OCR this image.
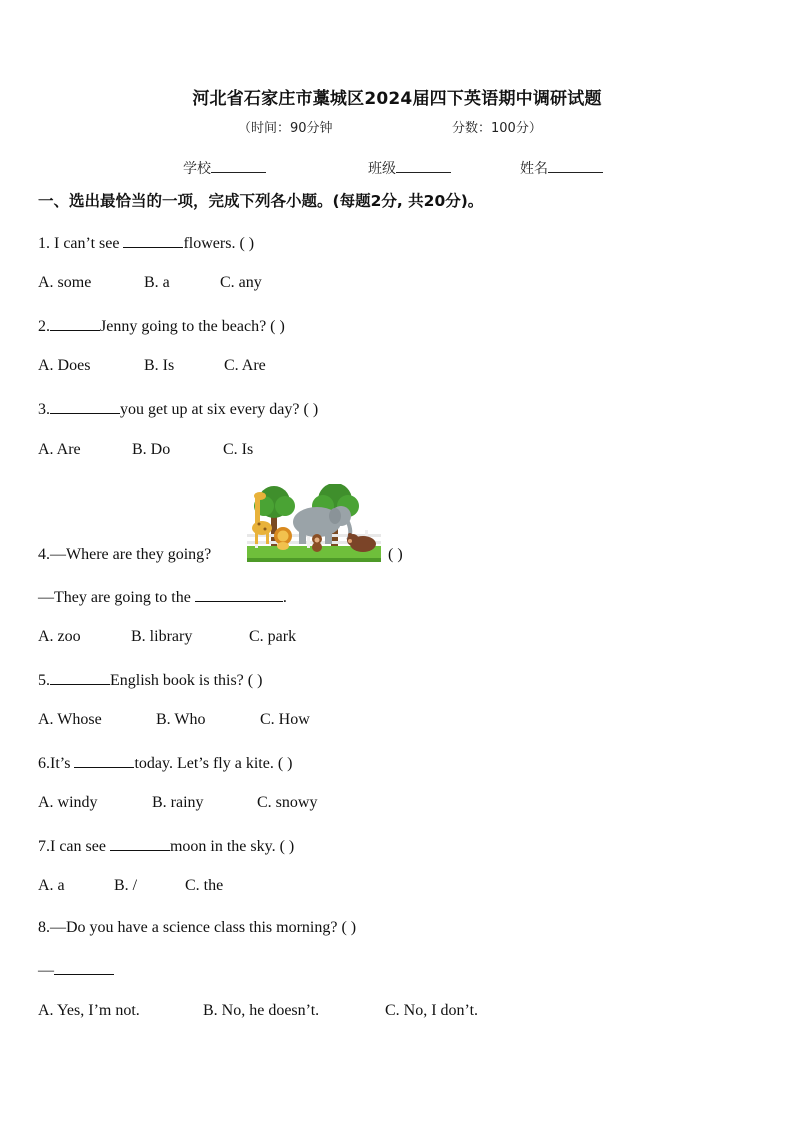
河北省石家庄市藁城区2024届四下英语期中调研试题
（时间：90分钟	分数：100分）
学校	班级	姓名
一、选出最恰当的一项，完成下列各小题。(每题2分, 共20分)。
1. I can’t see	flowers. ( )
A. some	B. a	C. any
2.	Jenny going to the beach? ( )
A. Does	B. Is	C. Are
3.	you get up at six every day? ( )
A. Are	B. Do	C. Is
4.—Where are they going?	( )
—They are going to the	.
A. zoo	B. library	C. park
5.	English book is this? ( )
A. Whose	B. Who	C. How
6.It’s	today. Let’s fly a kite. ( )
A. windy	B. rainy	C. snowy
7.I can see	moon in the sky. ( )
A. a	B. /	C. the
8.—Do you have a science class this morning? ( )
—
A. Yes, I’m not.	B. No, he doesn’t.	C. No, I don’t.
